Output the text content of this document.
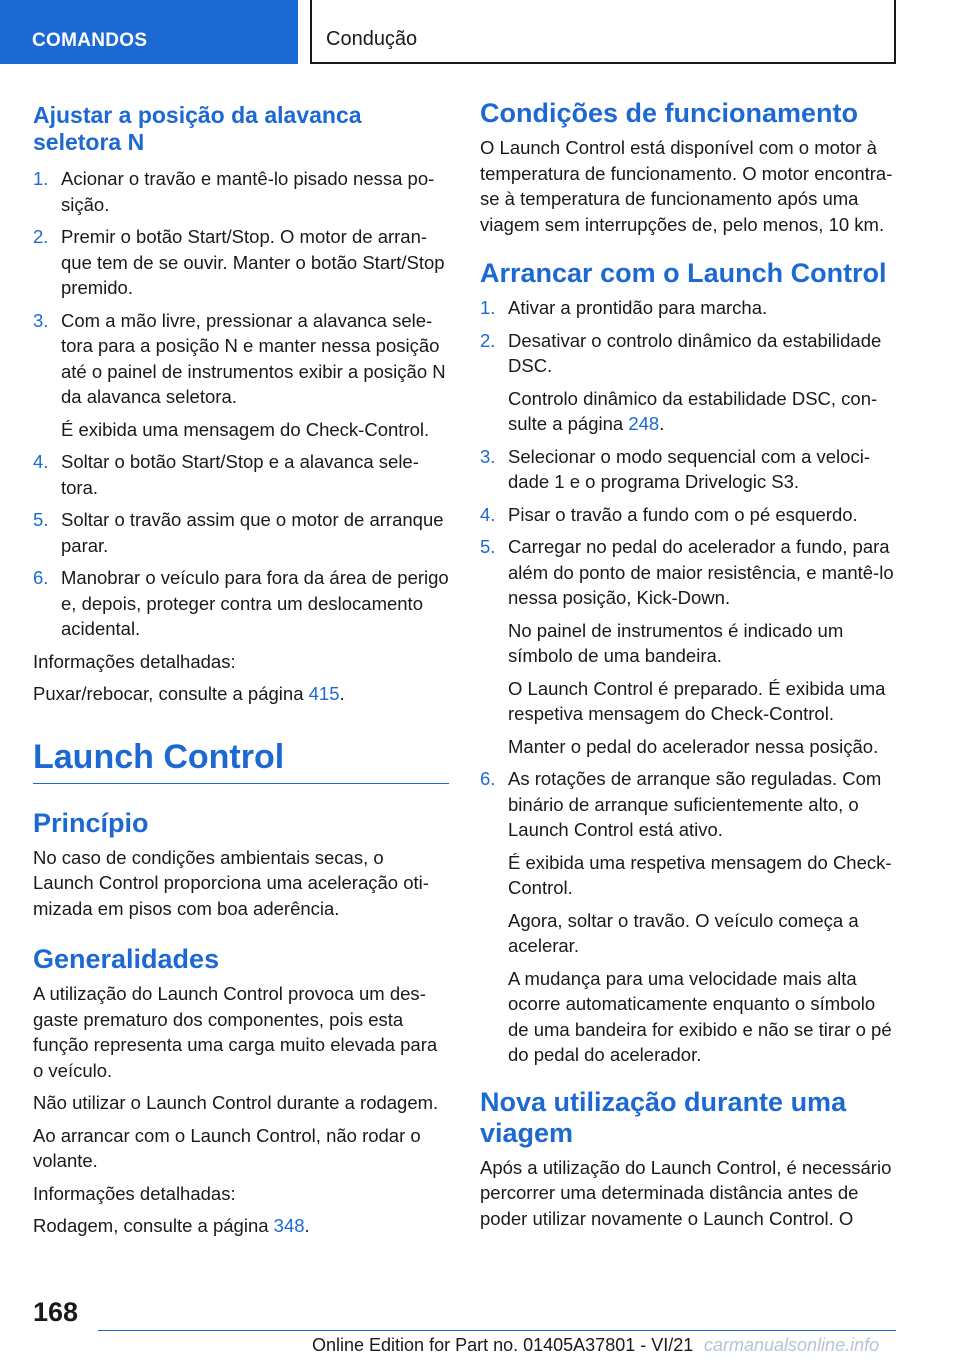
COMANDOS	Condução
Ajustar a posição da alavanca seletora N
1. Acionar o travão e mantê-lo pisado nessa posição.
2. Premir o botão Start/Stop. O motor de arranque tem de se ouvir. Manter o botão Start/Stop premido.
3. Com a mão livre, pressionar a alavanca seletora para a posição N e manter nessa posição até o painel de instrumentos exibir a posição N da alavanca seletora.
É exibida uma mensagem do Check-Control.
4. Soltar o botão Start/Stop e a alavanca seletora.
5. Soltar o travão assim que o motor de arranque parar.
6. Manobrar o veículo para fora da área de perigo e, depois, proteger contra um deslocamento acidental.

Informações detalhadas:

Puxar/rebocar, consulte a página 415.

Launch Control
Princípio

No caso de condições ambientais secas, o Launch Control proporciona uma aceleração otimizada em pisos com boa aderência.

Generalidades

A utilização do Launch Control provoca um desgaste prematuro dos componentes, pois esta função representa uma carga muito elevada para o veículo.

Não utilizar o Launch Control durante a rodagem.

Ao arrancar com o Launch Control, não rodar o volante.

Informações detalhadas:

Rodagem, consulte a página 348.

Condições de funcionamento

O Launch Control está disponível com o motor à temperatura de funcionamento. O motor encontra-se à temperatura de funcionamento após uma viagem sem interrupções de, pelo menos, 10 km.

Arrancar com o Launch Control
1. Ativar a prontidão para marcha.
2. Desativar o controlo dinâmico da estabilidade DSC.
Controlo dinâmico da estabilidade DSC, consulte a página 248.
3. Selecionar o modo sequencial com a velocidade 1 e o programa Drivelogic S3.
4. Pisar o travão a fundo com o pé esquerdo.
5. Carregar no pedal do acelerador a fundo, para além do ponto de maior resistência, e mantê-lo nessa posição, Kick-Down.
No painel de instrumentos é indicado um símbolo de uma bandeira.
O Launch Control é preparado. É exibida uma respetiva mensagem do Check-Control.
Manter o pedal do acelerador nessa posição.
6. As rotações de arranque são reguladas. Com binário de arranque suficientemente alto, o Launch Control está ativo.
É exibida uma respetiva mensagem do Check-Control.
Agora, soltar o travão. O veículo começa a acelerar.
A mudança para uma velocidade mais alta ocorre automaticamente enquanto o símbolo de uma bandeira for exibido e não se tirar o pé do pedal do acelerador.
Nova utilização durante uma viagem

Após a utilização do Launch Control, é necessário percorrer uma determinada distância antes de poder utilizar novamente o Launch Control. O

168
Online Edition for Part no. 01405A37801 - VI/21 carmanualsonline.info
